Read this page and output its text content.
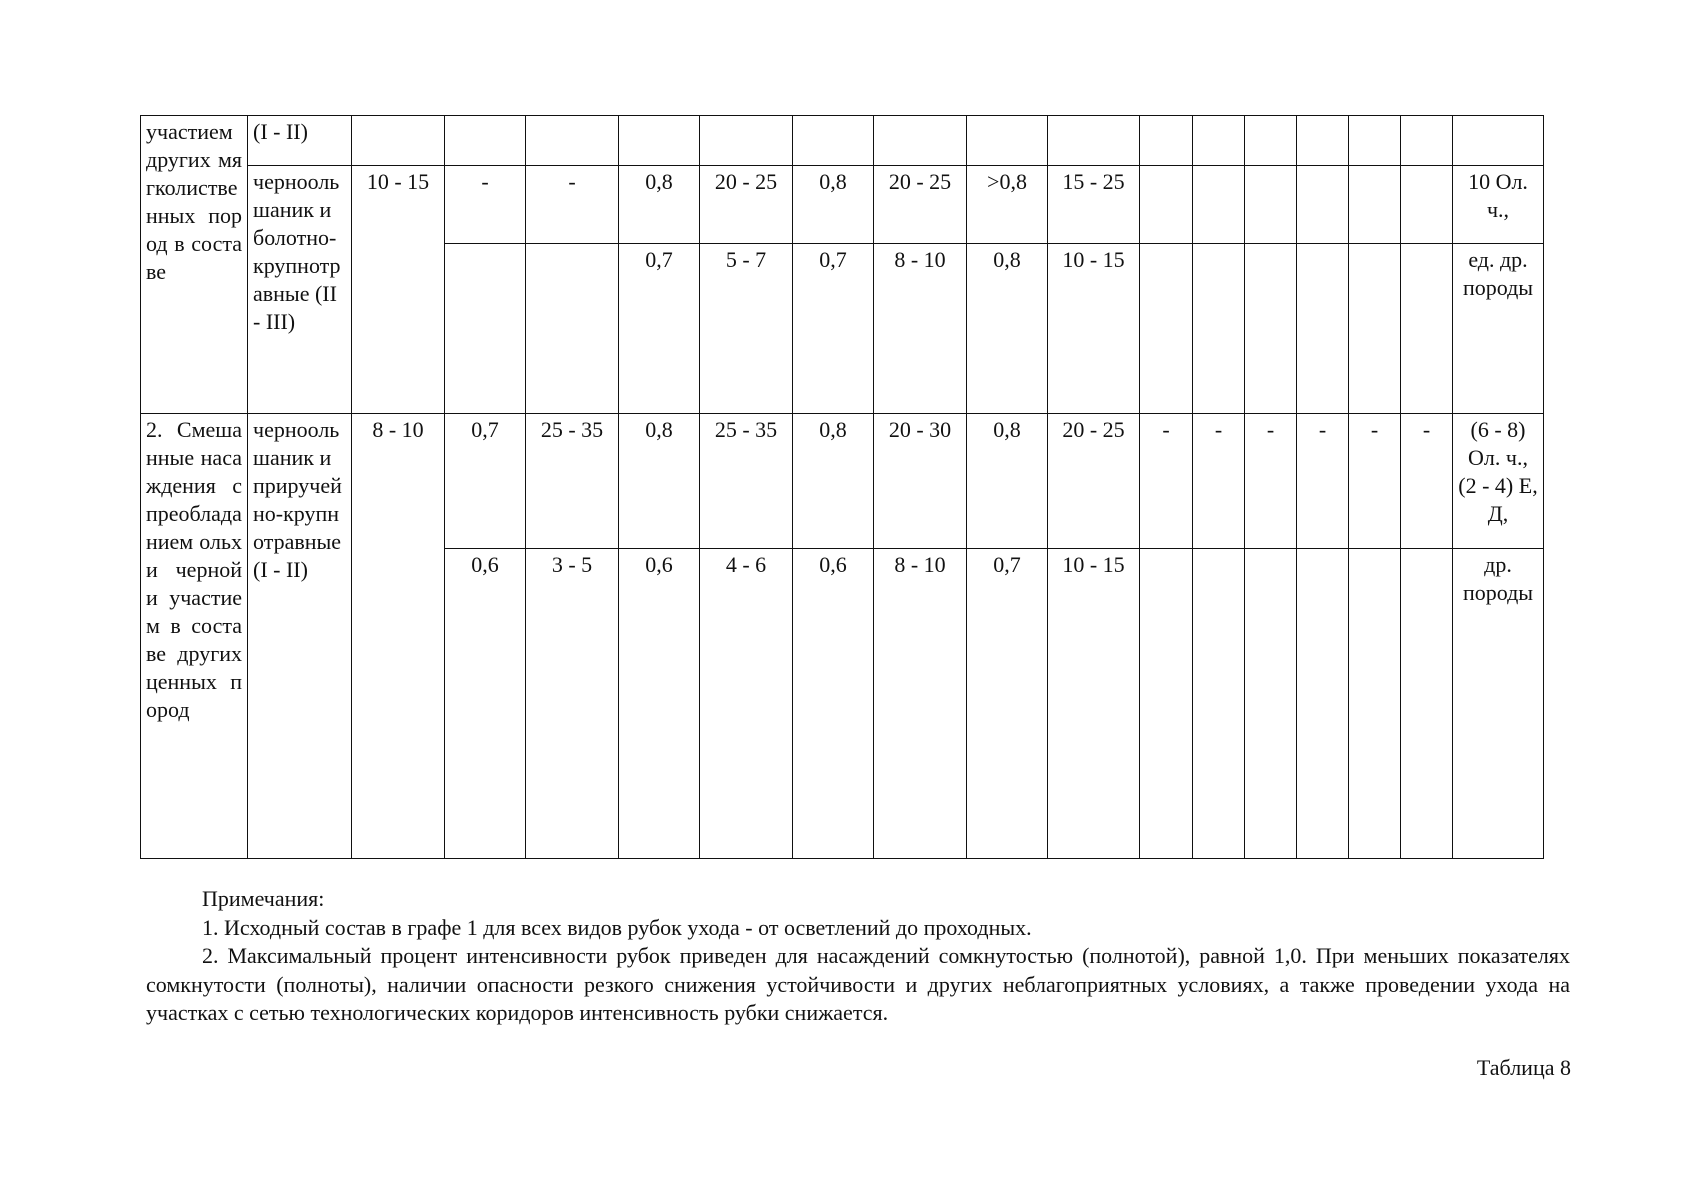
участием других мягколиственных пород в составе	(I - II)																	
	черноольшаник и болотно-крупнотравные (II - III)	10 - 15	-	-	0,8	20 - 25	0,8	20 - 25	>0,8	15 - 25							10 Ол. ч.,	
					0,7	5 - 7	0,7	8 - 10	0,8	10 - 15							ед. др. породы	
2. Смешанные насаждения с преобладанием ольхи черной и участием в составе других ценных пород	черноольшаник и приручейно-крупнотравные (I - II)	8 - 10	0,7	25 - 35	0,8	25 - 35	0,8	20 - 30	0,8	20 - 25	-	-	-	-	-	-	(6 - 8) Ол. ч., (2 - 4) Е, Д,	
			0,6	3 - 5	0,6	4 - 6	0,6	8 - 10	0,7	10 - 15							др. породы	

Примечания:

1. Исходный состав в графе 1 для всех видов рубок ухода - от осветлений до проходных.

2. Максимальный процент интенсивности рубок приведен для насаждений сомкнутостью (полнотой), равной 1,0. При меньших показателях сомкнутости (полноты), наличии опасности резкого снижения устойчивости и других неблагоприятных условиях, а также проведении ухода на участках с сетью технологических коридоров интенсивность рубки снижается.

Таблица 8
